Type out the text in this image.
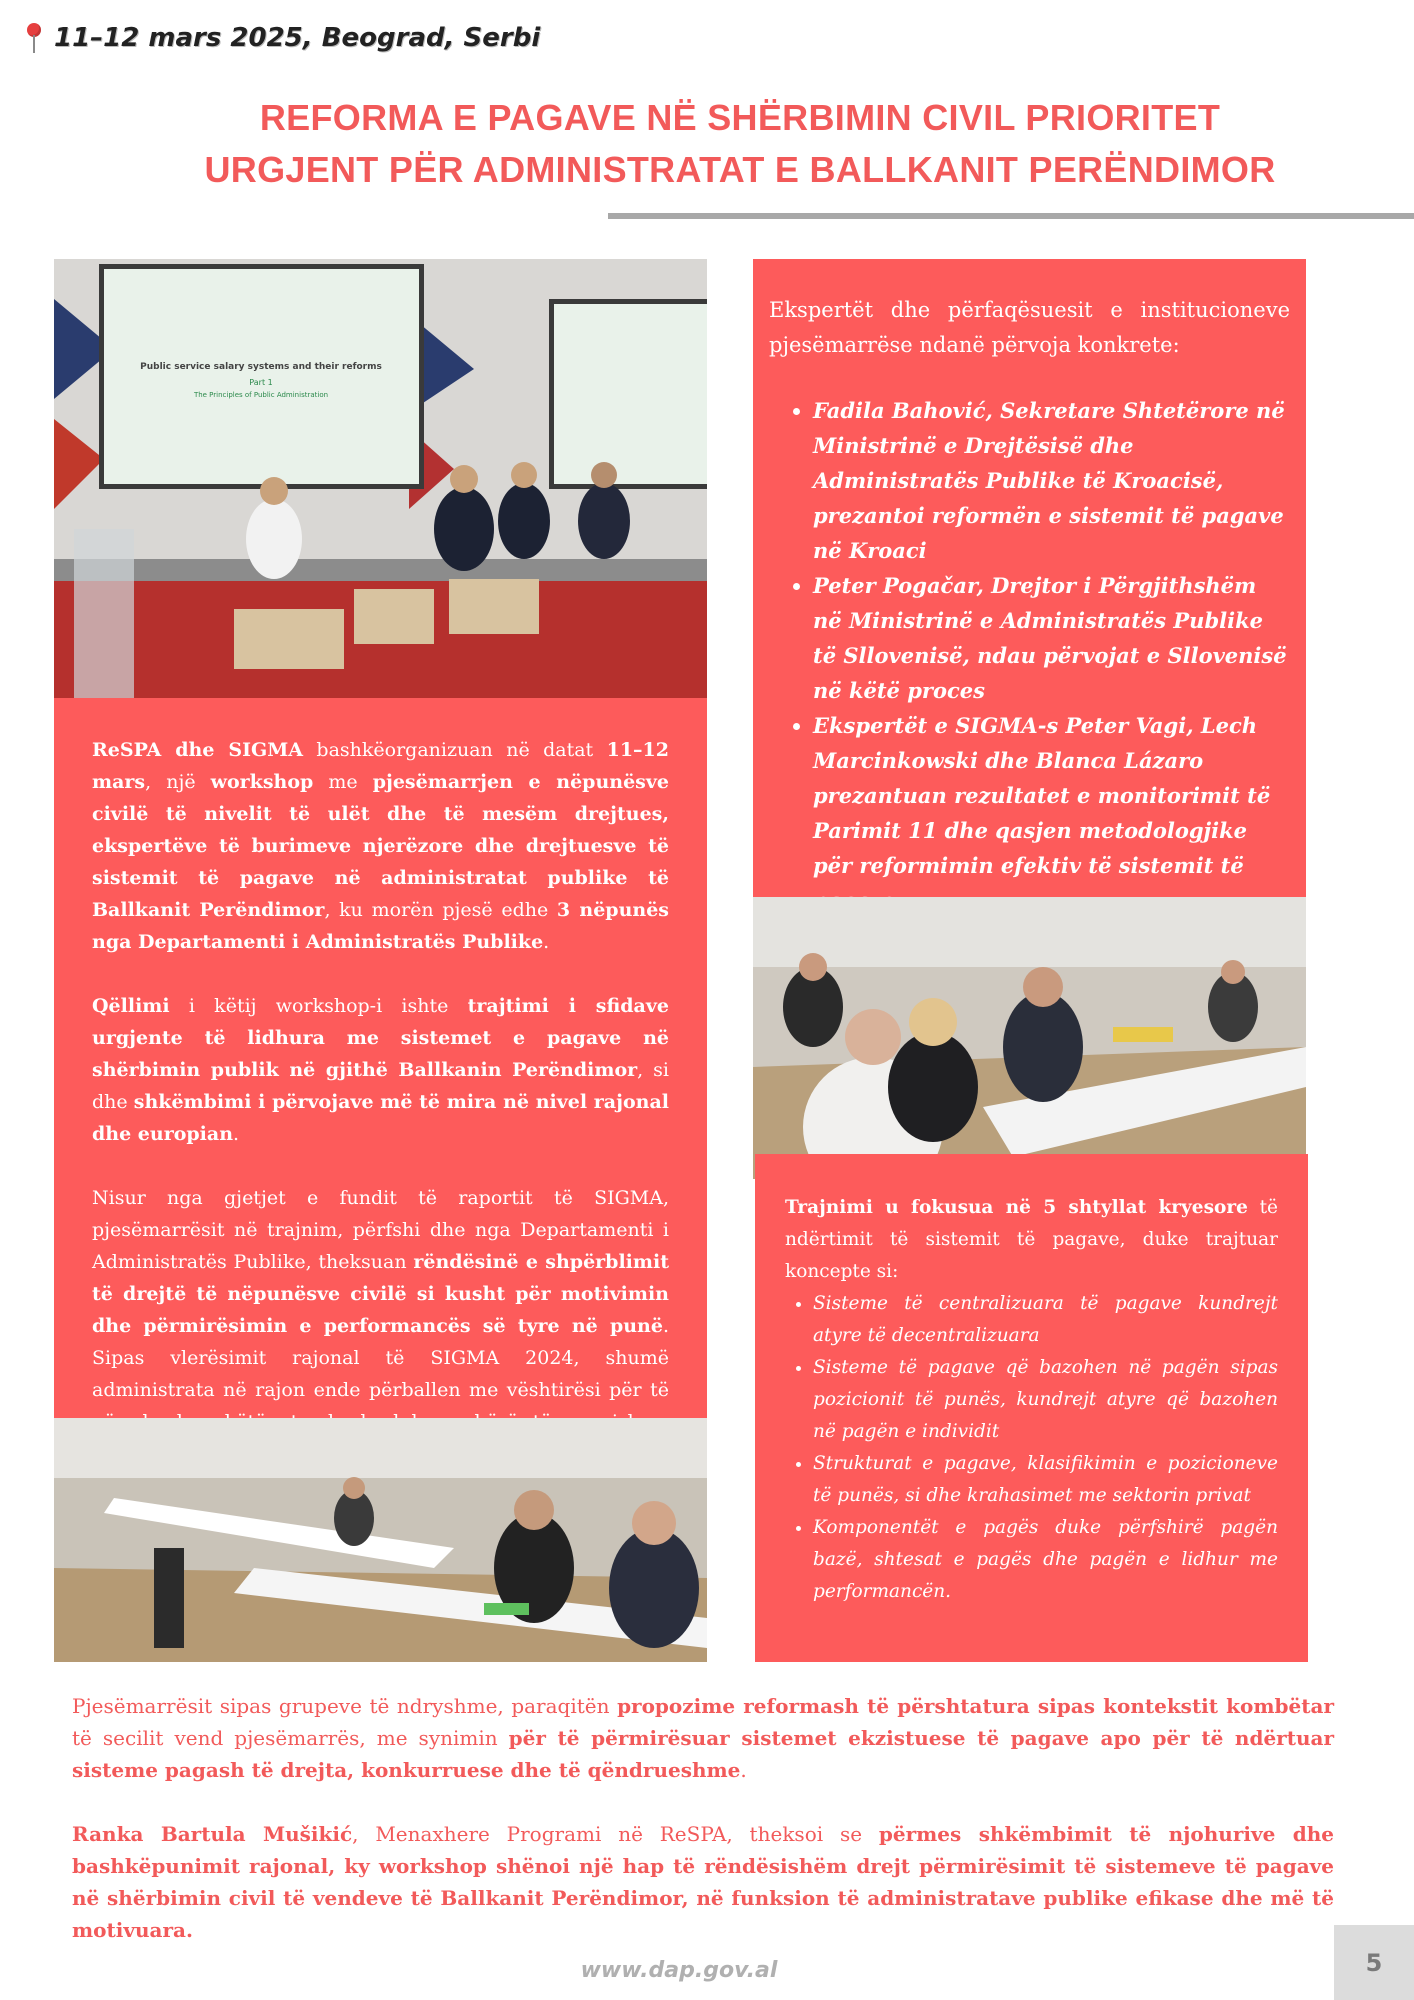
11–12 mars 2025, Beograd, Serbi
REFORMA E PAGAVE NË SHËRBIMIN CIVIL PRIORITET
URGJENT PËR ADMINISTRATAT E BALLKANIT PERËNDIMOR
Public service salary systems and their reforms
Part 1
The Principles of Public Administration

ReSPA dhe SIGMA bashkëorganizuan në datat 11–12 mars, një workshop me pjesëmarrjen e nëpunësve civilë të nivelit të ulët dhe të mesëm drejtues, ekspertëve të burimeve njerëzore dhe drejtuesve të sistemit të pagave në administratat publike të Ballkanit Perëndimor, ku morën pjesë edhe 3 nëpunës nga Departamenti i Administratës Publike.

Qëllimi i këtij workshop-i ishte trajtimi i sfidave urgjente të lidhura me sistemet e pagave në shërbimin publik në gjithë Ballkanin Perëndimor, si dhe shkëmbimi i përvojave më të mira në nivel rajonal dhe europian.

Nisur nga gjetjet e fundit të raportit të SIGMA, pjesëmarrësit në trajnim, përfshi dhe nga Departamenti i Administratës Publike, theksuan rëndësinë e shpërblimit të drejtë të nëpunësve civilë si kusht për motivimin dhe përmirësimin e performancës së tyre në punë. Sipas vlerësimit rajonal të SIGMA 2024, shumë administrata në rajon ende përballen me vështirësi për të

Ekspertët dhe përfaqësuesit e institucioneve pjesëmarrëse ndanë përvoja konkrete:

• Fadila Bahović, Sekretare Shtetërore në Ministrinë e Drejtësisë dhe Administratës Publike të Kroacisë, prezantoi reformën e sistemit të pagave në Kroaci
• Peter Pogačar, Drejtor i Përgjithshëm në Ministrinë e Administratës Publike të Sllovenisë, ndau përvojat e Sllovenisë në këtë proces
• Ekspertët e SIGMA-s Peter Vagi, Lech Marcinkowski dhe Blanca Lázaro prezantuan rezultatet e monitorimit të Parimit 11 dhe qasjen metodologjike për reformimin efektiv të sistemit të

Trajnimi u fokusua në 5 shtyllat kryesore të ndërtimit të sistemit të pagave, duke trajtuar koncepte si:

• Sisteme të centralizuara të pagave kundrejt atyre të decentralizuara
• Sisteme të pagave që bazohen në pagën sipas pozicionit të punës, kundrejt atyre që bazohen në pagën e individit
• Strukturat e pagave, klasifikimin e pozicioneve të punës, si dhe krahasimet me sektorin privat
• Komponentët e pagës duke përfshirë pagën bazë, shtesat e pagës dhe pagën e lidhur me performancën.

Pjesëmarrësit sipas grupeve të ndryshme, paraqitën propozime reformash të përshtatura sipas kontekstit kombëtar të secilit vend pjesëmarrës, me synimin për të përmirësuar sistemet ekzistuese të pagave apo për të ndërtuar sisteme pagash të drejta, konkurruese dhe të qëndrueshme.

Ranka Bartula Mušikić, Menaxhere Programi në ReSPA, theksoi se përmes shkëmbimit të njohurive dhe bashkëpunimit rajonal, ky workshop shënoi një hap të rëndësishëm drejt përmirësimit të sistemeve të pagave në shërbimin civil të vendeve të Ballkanit Perëndimor, në funksion të administratave publike efikase dhe më të motivuara.

www.dap.gov.al	5
